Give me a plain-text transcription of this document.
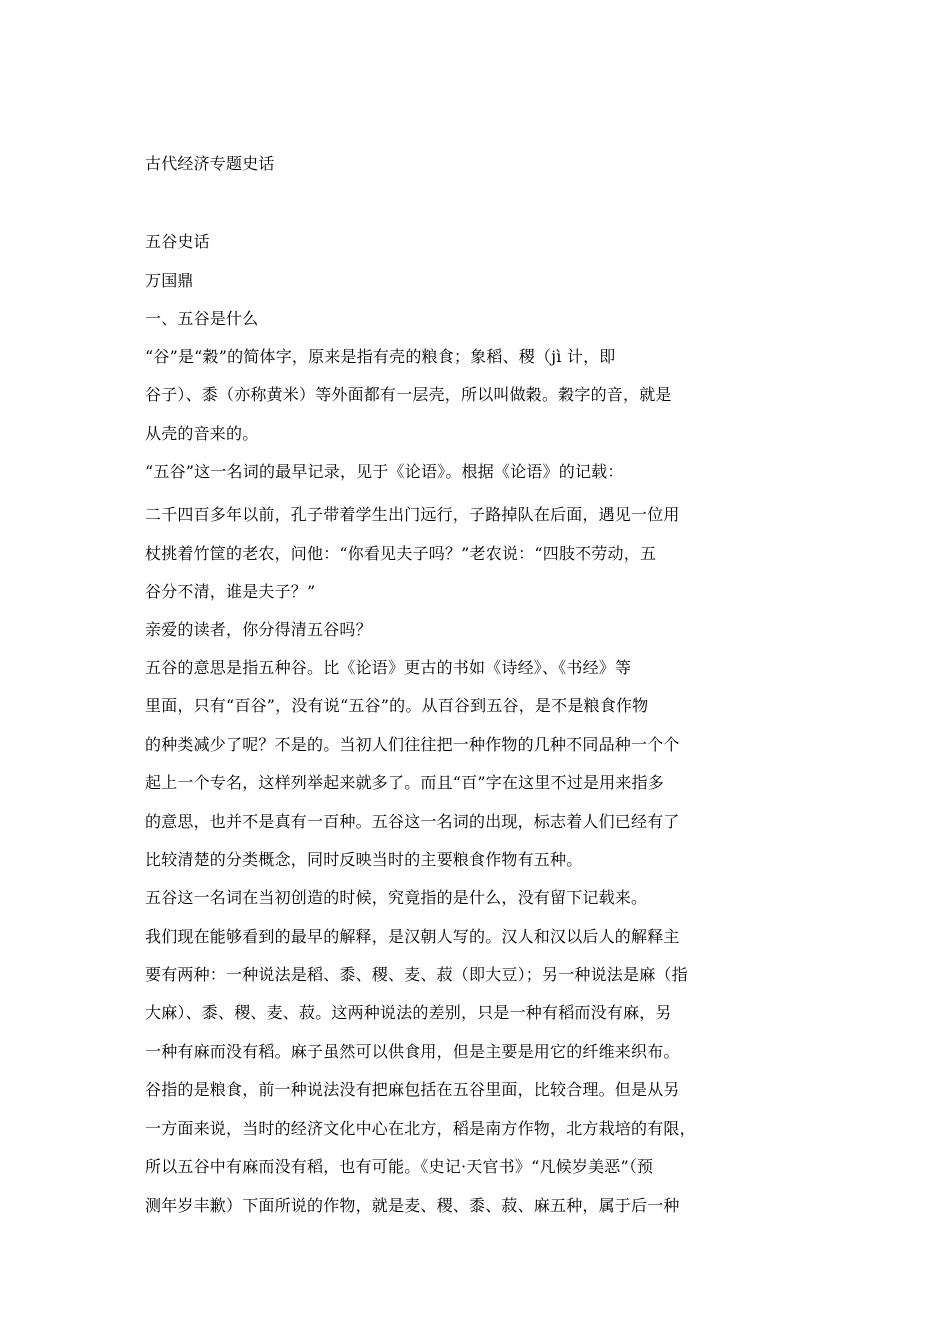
古代经济专题史话

五谷史话

万国鼎

一、五谷是什么

“谷”是“穀”的简体字，原来是指有壳的粮食；象稻、稷（jì 计，即

谷子）、黍（亦称黄米）等外面都有一层壳，所以叫做穀。穀字的音，就是

从壳的音来的。

“五谷”这一名词的最早记录，见于《论语》。根据《论语》的记载：

二千四百多年以前，孔子带着学生出门远行，子路掉队在后面，遇见一位用

杖挑着竹筐的老农，问他：“你看见夫子吗？”老农说：“四肢不劳动，五

谷分不清，谁是夫子？”

亲爱的读者，你分得清五谷吗？

五谷的意思是指五种谷。比《论语》更古的书如《诗经》、《书经》等

里面，只有“百谷”，没有说“五谷”的。从百谷到五谷，是不是粮食作物

的种类减少了呢？不是的。当初人们往往把一种作物的几种不同品种一个个

起上一个专名，这样列举起来就多了。而且“百”字在这里不过是用来指多

的意思，也并不是真有一百种。五谷这一名词的出现，标志着人们已经有了

比较清楚的分类概念，同时反映当时的主要粮食作物有五种。

五谷这一名词在当初创造的时候，究竟指的是什么，没有留下记载来。

我们现在能够看到的最早的解释，是汉朝人写的。汉人和汉以后人的解释主

要有两种：一种说法是稻、黍、稷、麦、菽（即大豆）；另一种说法是麻（指

大麻）、黍、稷、麦、菽。这两种说法的差别，只是一种有稻而没有麻，另

一种有麻而没有稻。麻子虽然可以供食用，但是主要是用它的纤维来织布。

谷指的是粮食，前一种说法没有把麻包括在五谷里面，比较合理。但是从另

一方面来说，当时的经济文化中心在北方，稻是南方作物，北方栽培的有限，

所以五谷中有麻而没有稻，也有可能。《史记·天官书》“凡候岁美恶”（预

测年岁丰歉）下面所说的作物，就是麦、稷、黍、菽、麻五种，属于后一种
